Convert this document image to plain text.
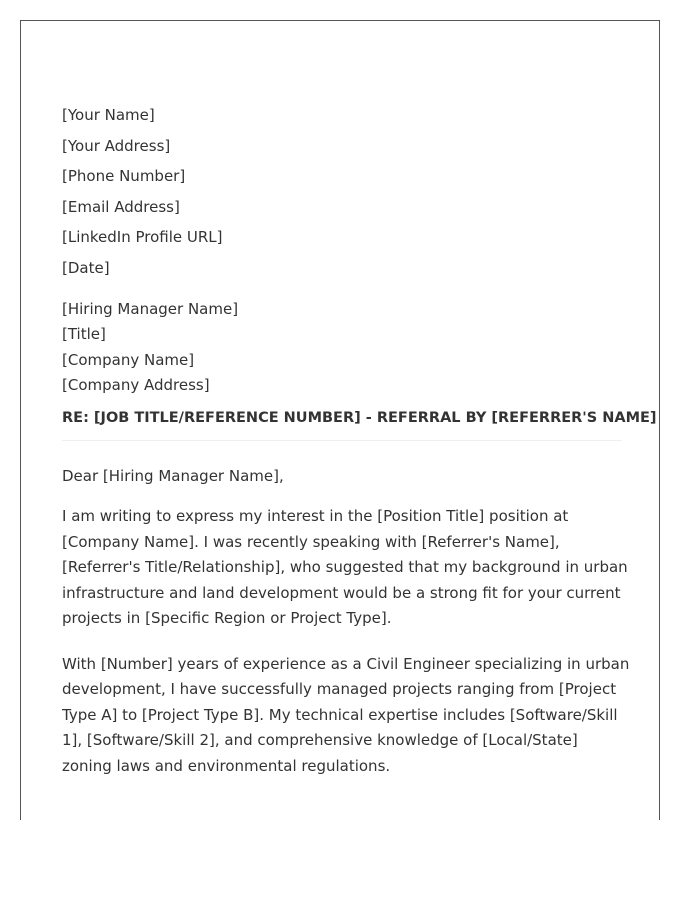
[Your Name]
[Your Address]
[Phone Number]
[Email Address]
[LinkedIn Profile URL]
[Date]
[Hiring Manager Name]
[Title]
[Company Name]
[Company Address]
RE: [JOB TITLE/REFERENCE NUMBER] - REFERRAL BY [REFERRER'S NAME]
Dear [Hiring Manager Name],
I am writing to express my interest in the [Position Title] position at [Company Name]. I was recently speaking with [Referrer's Name], [Referrer's Title/Relationship], who suggested that my background in urban infrastructure and land development would be a strong fit for your current projects in [Specific Region or Project Type].
With [Number] years of experience as a Civil Engineer specializing in urban development, I have successfully managed projects ranging from [Project Type A] to [Project Type B]. My technical expertise includes [Software/Skill 1], [Software/Skill 2], and comprehensive knowledge of [Local/State] zoning laws and environmental regulations.
